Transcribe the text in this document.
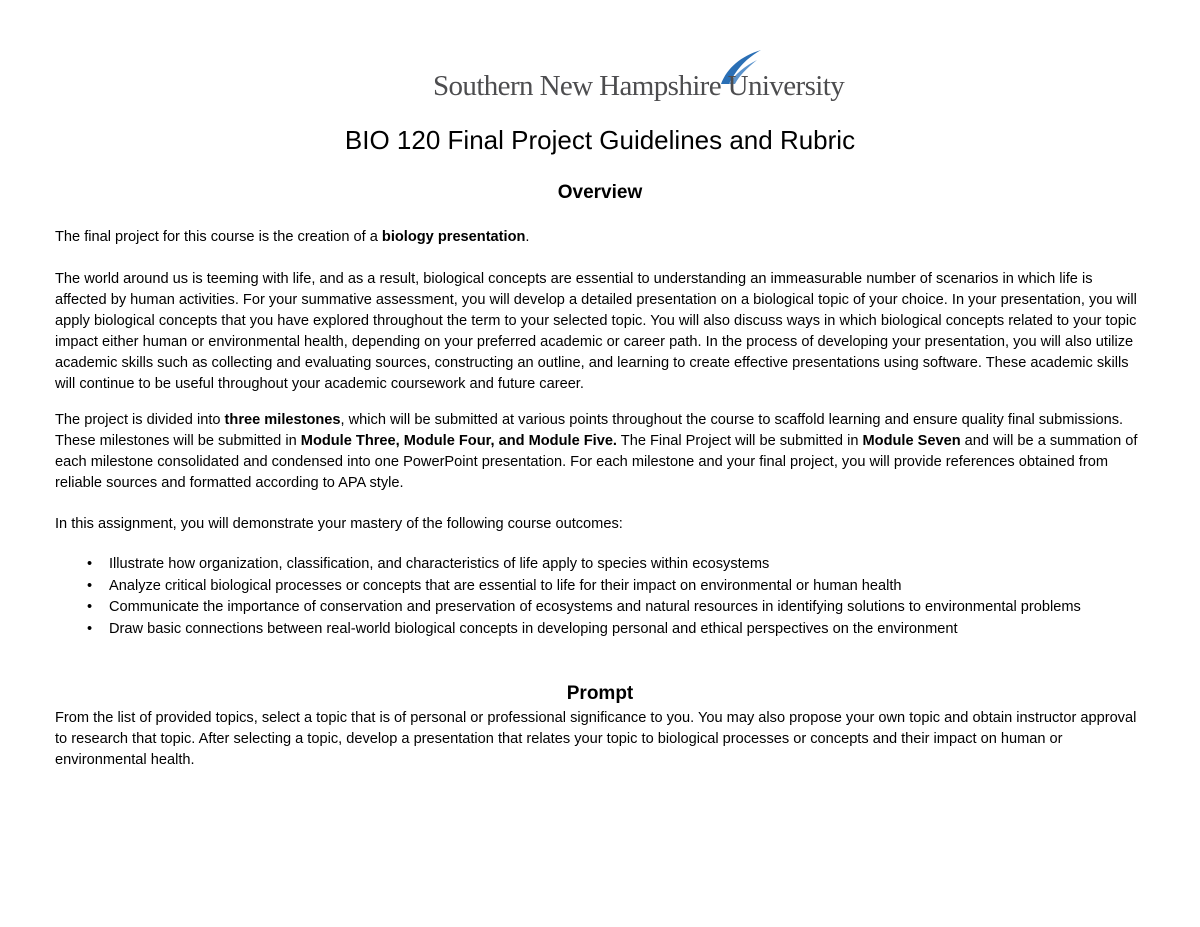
Southern New Hampshire University
BIO 120 Final Project Guidelines and Rubric
Overview

The final project for this course is the creation of a biology presentation.

The world around us is teeming with life, and as a result, biological concepts are essential to understanding an immeasurable number of scenarios in which life is affected by human activities. For your summative assessment, you will develop a detailed presentation on a biological topic of your choice. In your presentation, you will apply biological concepts that you have explored throughout the term to your selected topic. You will also discuss ways in which biological concepts related to your topic impact either human or environmental health, depending on your preferred academic or career path. In the process of developing your presentation, you will also utilize academic skills such as collecting and evaluating sources, constructing an outline, and learning to create effective presentations using software. These academic skills will continue to be useful throughout your academic coursework and future career.

The project is divided into three milestones, which will be submitted at various points throughout the course to scaffold learning and ensure quality final submissions. These milestones will be submitted in Module Three, Module Four, and Module Five. The Final Project will be submitted in Module Seven and will be a summation of each milestone consolidated and condensed into one PowerPoint presentation. For each milestone and your final project, you will provide references obtained from reliable sources and formatted according to APA style.

In this assignment, you will demonstrate your mastery of the following course outcomes:

• Illustrate how organization, classification, and characteristics of life apply to species within ecosystems
• Analyze critical biological processes or concepts that are essential to life for their impact on environmental or human health
• Communicate the importance of conservation and preservation of ecosystems and natural resources in identifying solutions to environmental problems
• Draw basic connections between real-world biological concepts in developing personal and ethical perspectives on the environment
Prompt

From the list of provided topics, select a topic that is of personal or professional significance to you. You may also propose your own topic and obtain instructor approval to research that topic. After selecting a topic, develop a presentation that relates your topic to biological processes or concepts and their impact on human or environmental health.
